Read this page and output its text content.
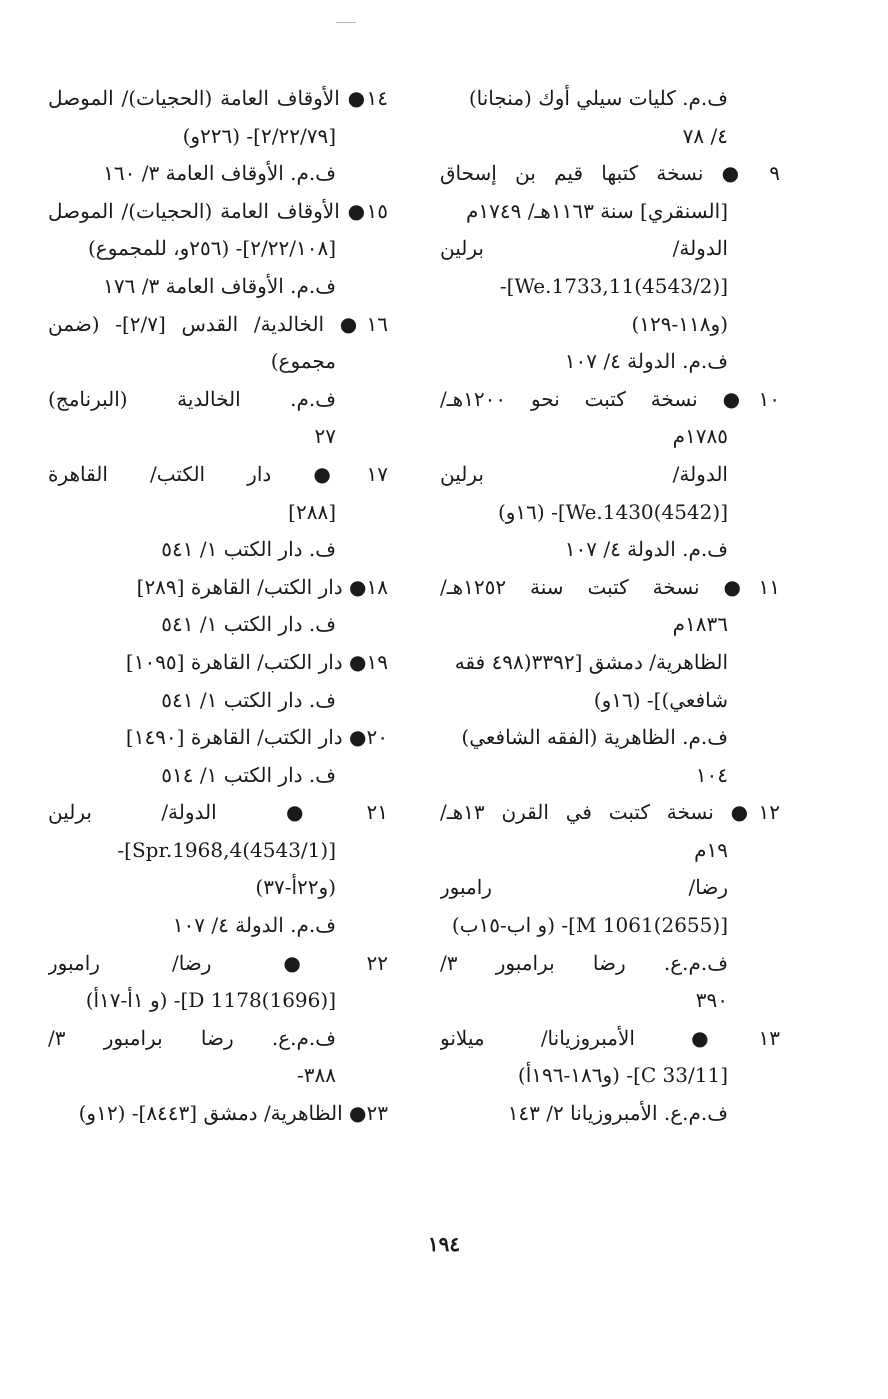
ف.م. كليات سيلي أوك (منجانا)
٤/ ٧٨
٩ ● نسخة كتبها قيم بن إسحاق
[السنقري] سنة ١١٦٣هـ/ ١٧٤٩م
الدولة/ برلين
[(4543/2)We.1733,11]-
(و١١٨-١٢٩)
ف.م. الدولة ٤/ ١٠٧
١٠● نسخة كتبت نحو ١٢٠٠هـ/
١٧٨٥م
الدولة/ برلين
[(4542)We.1430]- (١٦و)
ف.م. الدولة ٤/ ١٠٧
١١● نسخة كتبت سنة ١٢٥٢هـ/
١٨٣٦م
الظاهرية/ دمشق [٣٣٩٢(٤٩٨ فقه
شافعي)]- (١٦و)
ف.م. الظاهرية (الفقه الشافعي)
١٠٤
١٢● نسخة كتبت في القرن ١٣هـ/
١٩م
رضا/ رامبور
[(2655)1061 M]- (و اب-١٥ب)
ف.م.ع. رضا برامبور ٣/
٣٩٠
١٣● الأمبروزيانا/ ميلانو
[C 33/11]- (و١٨٦-١٩٦أ)
ف.م.ع. الأمبروزيانا ٢/ ١٤٣
١٤● الأوقاف العامة (الحجيات)/ الموصل
[٢/٢٢/٧٩]- (٢٢٦و)
ف.م. الأوقاف العامة ٣/ ١٦٠
١٥● الأوقاف العامة (الحجيات)/ الموصل
[٢/٢٢/١٠٨]- (٢٥٦و، للمجموع)
ف.م. الأوقاف العامة ٣/ ١٧٦
١٦● الخالدية/ القدس [٢/٧]- (ضمن
مجموع)
ف.م. الخالدية (البرنامج)
٢٧
١٧● دار الكتب/ القاهرة
[٢٨٨]
ف. دار الكتب ١/ ٥٤١
١٨● دار الكتب/ القاهرة [٢٨٩]
ف. دار الكتب ١/ ٥٤١
١٩● دار الكتب/ القاهرة [١٠٩٥]
ف. دار الكتب ١/ ٥٤١
٢٠● دار الكتب/ القاهرة [١٤٩٠]
ف. دار الكتب ١/ ٥١٤
٢١● الدولة/ برلين
[(4543/1)Spr.1968,4]-
(و٢٢أ-٣٧)
ف.م. الدولة ٤/ ١٠٧
٢٢● رضا/ رامبور
[(1696)1178 D]- (و ١أ-١٧أ)
ف.م.ع. رضا برامبور ٣/
٣٨٨-
٢٣● الظاهرية/ دمشق [٨٤٤٣]- (١٢و)
١٩٤
